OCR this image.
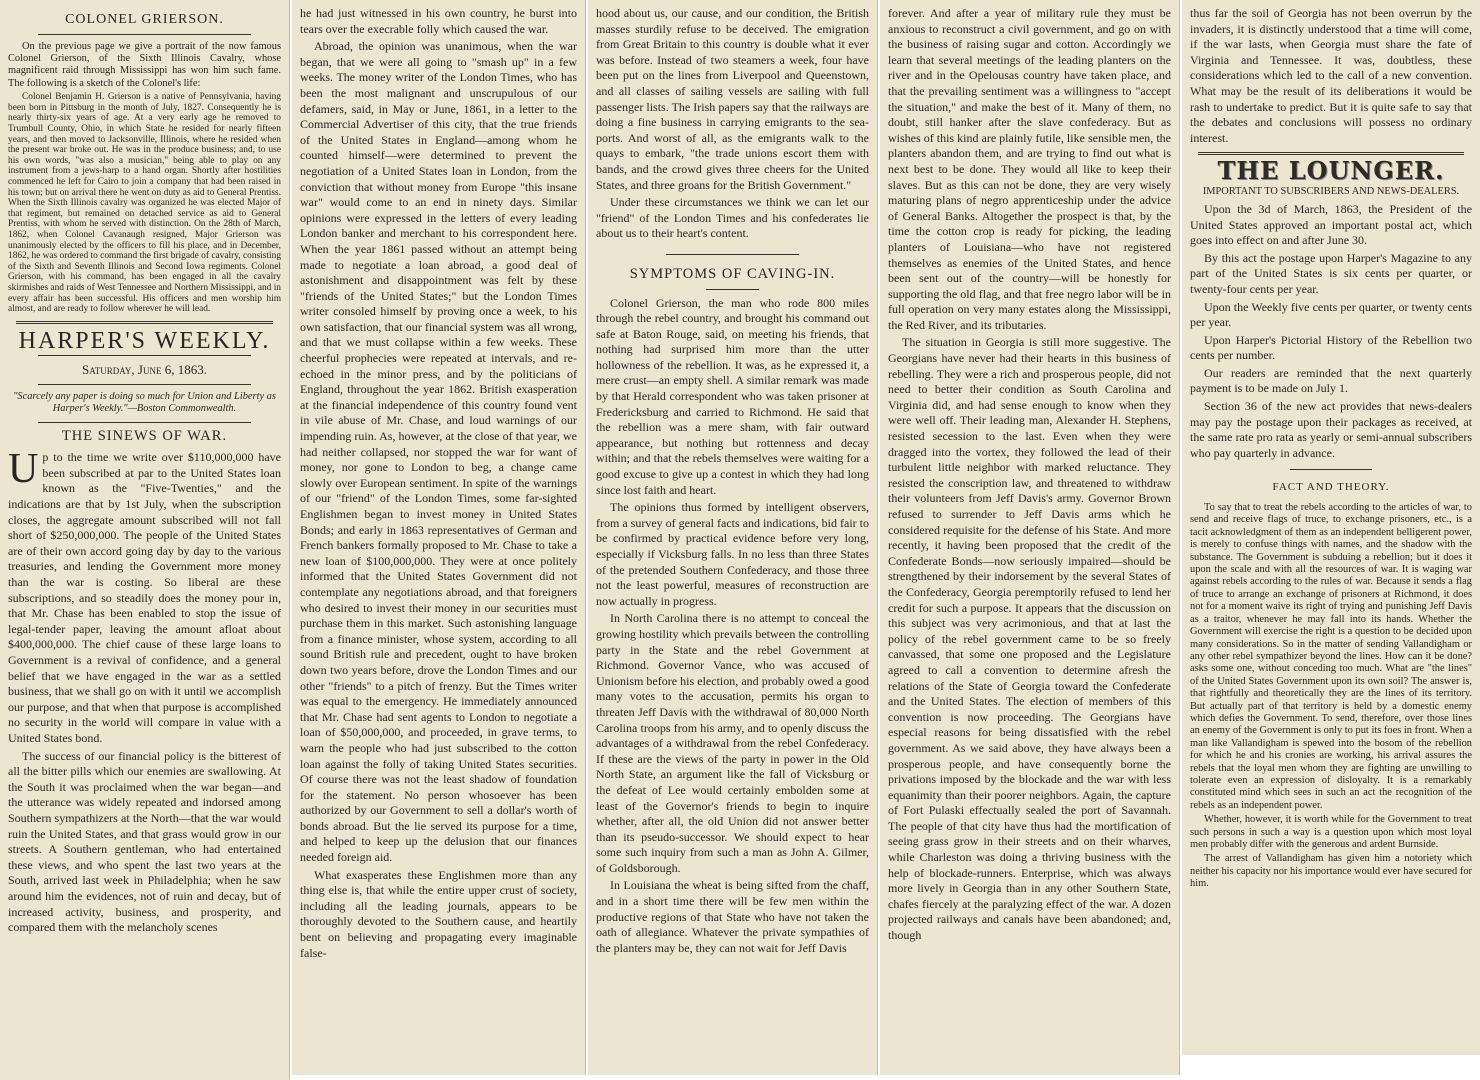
COLONEL GRIERSON.

On the previous page we give a portrait of the now famous Colonel Grierson, of the Sixth Illinois Cavalry, whose magnificent raid through Mississippi has won him such fame. The following is a sketch of the Colonel's life:

Colonel Benjamin H. Grierson is a native of Pennsylvania, having been born in Pittsburg in the month of July, 1827. Consequently he is nearly thirty-six years of age. At a very early age he removed to Trumbull County, Ohio, in which State he resided for nearly fifteen years, and then moved to Jacksonville, Illinois, where he resided when the present war broke out. He was in the produce business; and, to use his own words, "was also a musician," being able to play on any instrument from a jews-harp to a hand organ. Shortly after hostilities commenced he left for Cairo to join a company that had been raised in his town; but on arrival there he went on duty as aid to General Prentiss. When the Sixth Illinois cavalry was organized he was elected Major of that regiment, but remained on detached service as aid to General Prentiss, with whom he served with distinction. On the 28th of March, 1862, when Colonel Cavanaugh resigned, Major Grierson was unanimously elected by the officers to fill his place, and in December, 1862, he was ordered to command the first brigade of cavalry, consisting of the Sixth and Seventh Illinois and Second Iowa regiments. Colonel Grierson, with his command, has been engaged in all the cavalry skirmishes and raids of West Tennessee and Northern Mississippi, and in every affair has been successful. His officers and men worship him almost, and are ready to follow wherever he will lead.

HARPER'S WEEKLY.
Saturday, June 6, 1863.
"Scarcely any paper is doing so much for Union and Liberty as Harper's Weekly."—Boston Commonwealth.
THE SINEWS OF WAR.

Up to the time we write over $110,000,000 have been subscribed at par to the United States loan known as the "Five-Twenties," and the indications are that by 1st July, when the subscription closes, the aggregate amount subscribed will not fall short of $250,000,000. The people of the United States are of their own accord going day by day to the various treasuries, and lending the Government more money than the war is costing. So liberal are these subscriptions, and so steadily does the money pour in, that Mr. Chase has been enabled to stop the issue of legal-tender paper, leaving the amount afloat about $400,000,000. The chief cause of these large loans to Government is a revival of confidence, and a general belief that we have engaged in the war as a settled business, that we shall go on with it until we accomplish our purpose, and that when that purpose is accomplished no security in the world will compare in value with a United States bond.

The success of our financial policy is the bitterest of all the bitter pills which our enemies are swallowing. At the South it was proclaimed when the war began—and the utterance was widely repeated and indorsed among Southern sympathizers at the North—that the war would ruin the United States, and that grass would grow in our streets. A Southern gentleman, who had entertained these views, and who spent the last two years at the South, arrived last week in Philadelphia; when he saw around him the evidences, not of ruin and decay, but of increased activity, business, and prosperity, and compared them with the melancholy scenes

he had just witnessed in his own country, he burst into tears over the execrable folly which caused the war.

Abroad, the opinion was unanimous, when the war began, that we were all going to "smash up" in a few weeks. The money writer of the London Times, who has been the most malignant and unscrupulous of our defamers, said, in May or June, 1861, in a letter to the Commercial Advertiser of this city, that the true friends of the United States in England—among whom he counted himself—were determined to prevent the negotiation of a United States loan in London, from the conviction that without money from Europe "this insane war" would come to an end in ninety days. Similar opinions were expressed in the letters of every leading London banker and merchant to his correspondent here. When the year 1861 passed without an attempt being made to negotiate a loan abroad, a good deal of astonishment and disappointment was felt by these "friends of the United States;" but the London Times writer consoled himself by proving once a week, to his own satisfaction, that our financial system was all wrong, and that we must collapse within a few weeks. These cheerful prophecies were repeated at intervals, and re-echoed in the minor press, and by the politicians of England, throughout the year 1862. British exasperation at the financial independence of this country found vent in vile abuse of Mr. Chase, and loud warnings of our impending ruin. As, however, at the close of that year, we had neither collapsed, nor stopped the war for want of money, nor gone to London to beg, a change came slowly over European sentiment. In spite of the warnings of our "friend" of the London Times, some far-sighted Englishmen began to invest money in United States Bonds; and early in 1863 representatives of German and French bankers formally proposed to Mr. Chase to take a new loan of $100,000,000. They were at once politely informed that the United States Government did not contemplate any negotiations abroad, and that foreigners who desired to invest their money in our securities must purchase them in this market. Such astonishing language from a finance minister, whose system, according to all sound British rule and precedent, ought to have broken down two years before, drove the London Times and our other "friends" to a pitch of frenzy. But the Times writer was equal to the emergency. He immediately announced that Mr. Chase had sent agents to London to negotiate a loan of $50,000,000, and proceeded, in grave terms, to warn the people who had just subscribed to the cotton loan against the folly of taking United States securities. Of course there was not the least shadow of foundation for the statement. No person whosoever has been authorized by our Government to sell a dollar's worth of bonds abroad. But the lie served its purpose for a time, and helped to keep up the delusion that our finances needed foreign aid.

What exasperates these Englishmen more than any thing else is, that while the entire upper crust of society, including all the leading journals, appears to be thoroughly devoted to the Southern cause, and heartily bent on believing and propagating every imaginable false-

hood about us, our cause, and our condition, the British masses sturdily refuse to be deceived. The emigration from Great Britain to this country is double what it ever was before. Instead of two steamers a week, four have been put on the lines from Liverpool and Queenstown, and all classes of sailing vessels are sailing with full passenger lists. The Irish papers say that the railways are doing a fine business in carrying emigrants to the sea-ports. And worst of all, as the emigrants walk to the quays to embark, "the trade unions escort them with bands, and the crowd gives three cheers for the United States, and three groans for the British Government."

Under these circumstances we think we can let our "friend" of the London Times and his confederates lie about us to their heart's content.

SYMPTOMS OF CAVING-IN.

Colonel Grierson, the man who rode 800 miles through the rebel country, and brought his command out safe at Baton Rouge, said, on meeting his friends, that nothing had surprised him more than the utter hollowness of the rebellion. It was, as he expressed it, a mere crust—an empty shell. A similar remark was made by that Herald correspondent who was taken prisoner at Fredericksburg and carried to Richmond. He said that the rebellion was a mere sham, with fair outward appearance, but nothing but rottenness and decay within; and that the rebels themselves were waiting for a good excuse to give up a contest in which they had long since lost faith and heart.

The opinions thus formed by intelligent observers, from a survey of general facts and indications, bid fair to be confirmed by practical evidence before very long, especially if Vicksburg falls. In no less than three States of the pretended Southern Confederacy, and those three not the least powerful, measures of reconstruction are now actually in progress.

In North Carolina there is no attempt to conceal the growing hostility which prevails between the controlling party in the State and the rebel Government at Richmond. Governor Vance, who was accused of Unionism before his election, and probably owed a good many votes to the accusation, permits his organ to threaten Jeff Davis with the withdrawal of 80,000 North Carolina troops from his army, and to openly discuss the advantages of a withdrawal from the rebel Confederacy. If these are the views of the party in power in the Old North State, an argument like the fall of Vicksburg or the defeat of Lee would certainly embolden some at least of the Governor's friends to begin to inquire whether, after all, the old Union did not answer better than its pseudo-successor. We should expect to hear some such inquiry from such a man as John A. Gilmer, of Goldsborough.

In Louisiana the wheat is being sifted from the chaff, and in a short time there will be few men within the productive regions of that State who have not taken the oath of allegiance. Whatever the private sympathies of the planters may be, they can not wait for Jeff Davis

forever. And after a year of military rule they must be anxious to reconstruct a civil government, and go on with the business of raising sugar and cotton. Accordingly we learn that several meetings of the leading planters on the river and in the Opelousas country have taken place, and that the prevailing sentiment was a willingness to "accept the situation," and make the best of it. Many of them, no doubt, still hanker after the slave confederacy. But as wishes of this kind are plainly futile, like sensible men, the planters abandon them, and are trying to find out what is next best to be done. They would all like to keep their slaves. But as this can not be done, they are very wisely maturing plans of negro apprenticeship under the advice of General Banks. Altogether the prospect is that, by the time the cotton crop is ready for picking, the leading planters of Louisiana—who have not registered themselves as enemies of the United States, and hence been sent out of the country—will be honestly for supporting the old flag, and that free negro labor will be in full operation on very many estates along the Mississippi, the Red River, and its tributaries.

The situation in Georgia is still more suggestive. The Georgians have never had their hearts in this business of rebelling. They were a rich and prosperous people, did not need to better their condition as South Carolina and Virginia did, and had sense enough to know when they were well off. Their leading man, Alexander H. Stephens, resisted secession to the last. Even when they were dragged into the vortex, they followed the lead of their turbulent little neighbor with marked reluctance. They resisted the conscription law, and threatened to withdraw their volunteers from Jeff Davis's army. Governor Brown refused to surrender to Jeff Davis arms which he considered requisite for the defense of his State. And more recently, it having been proposed that the credit of the Confederate Bonds—now seriously impaired—should be strengthened by their indorsement by the several States of the Confederacy, Georgia peremptorily refused to lend her credit for such a purpose. It appears that the discussion on this subject was very acrimonious, and that at last the policy of the rebel government came to be so freely canvassed, that some one proposed and the Legislature agreed to call a convention to determine afresh the relations of the State of Georgia toward the Confederate and the United States. The election of members of this convention is now proceeding. The Georgians have especial reasons for being dissatisfied with the rebel government. As we said above, they have always been a prosperous people, and have consequently borne the privations imposed by the blockade and the war with less equanimity than their poorer neighbors. Again, the capture of Fort Pulaski effectually sealed the port of Savannah. The people of that city have thus had the mortification of seeing grass grow in their streets and on their wharves, while Charleston was doing a thriving business with the help of blockade-runners. Enterprise, which was always more lively in Georgia than in any other Southern State, chafes fiercely at the paralyzing effect of the war. A dozen projected railways and canals have been abandoned; and, though

thus far the soil of Georgia has not been overrun by the invaders, it is distinctly understood that a time will come, if the war lasts, when Georgia must share the fate of Virginia and Tennessee. It was, doubtless, these considerations which led to the call of a new convention. What may be the result of its deliberations it would be rash to undertake to predict. But it is quite safe to say that the debates and conclusions will possess no ordinary interest.

THE LOUNGER.
IMPORTANT TO SUBSCRIBERS AND NEWS-DEALERS.

Upon the 3d of March, 1863, the President of the United States approved an important postal act, which goes into effect on and after June 30.

By this act the postage upon Harper's Magazine to any part of the United States is six cents per quarter, or twenty-four cents per year.

Upon the Weekly five cents per quarter, or twenty cents per year.

Upon Harper's Pictorial History of the Rebellion two cents per number.

Our readers are reminded that the next quarterly payment is to be made on July 1.

Section 36 of the new act provides that news-dealers may pay the postage upon their packages as received, at the same rate pro rata as yearly or semi-annual subscribers who pay quarterly in advance.

FACT AND THEORY.

To say that to treat the rebels according to the articles of war, to send and receive flags of truce, to exchange prisoners, etc., is a tacit acknowledgment of them as an independent belligerent power, is merely to confuse things with names, and the shadow with the substance. The Government is subduing a rebellion; but it does it upon the scale and with all the resources of war. It is waging war against rebels according to the rules of war. Because it sends a flag of truce to arrange an exchange of prisoners at Richmond, it does not for a moment waive its right of trying and punishing Jeff Davis as a traitor, whenever he may fall into its hands. Whether the Government will exercise the right is a question to be decided upon many considerations. So in the matter of sending Vallandigham or any other rebel sympathizer beyond the lines. How can it be done? asks some one, without conceding too much. What are "the lines" of the United States Government upon its own soil? The answer is, that rightfully and theoretically they are the lines of its territory. But actually part of that territory is held by a domestic enemy which defies the Government. To send, therefore, over those lines an enemy of the Government is only to put its foes in front. When a man like Vallandigham is spewed into the bosom of the rebellion for which he and his cronies are working, his arrival assures the rebels that the loyal men whom they are fighting are unwilling to tolerate even an expression of disloyalty. It is a remarkably constituted mind which sees in such an act the recognition of the rebels as an independent power.

Whether, however, it is worth while for the Government to treat such persons in such a way is a question upon which most loyal men probably differ with the generous and ardent Burnside.

The arrest of Vallandigham has given him a notoriety which neither his capacity nor his importance would ever have secured for him.
